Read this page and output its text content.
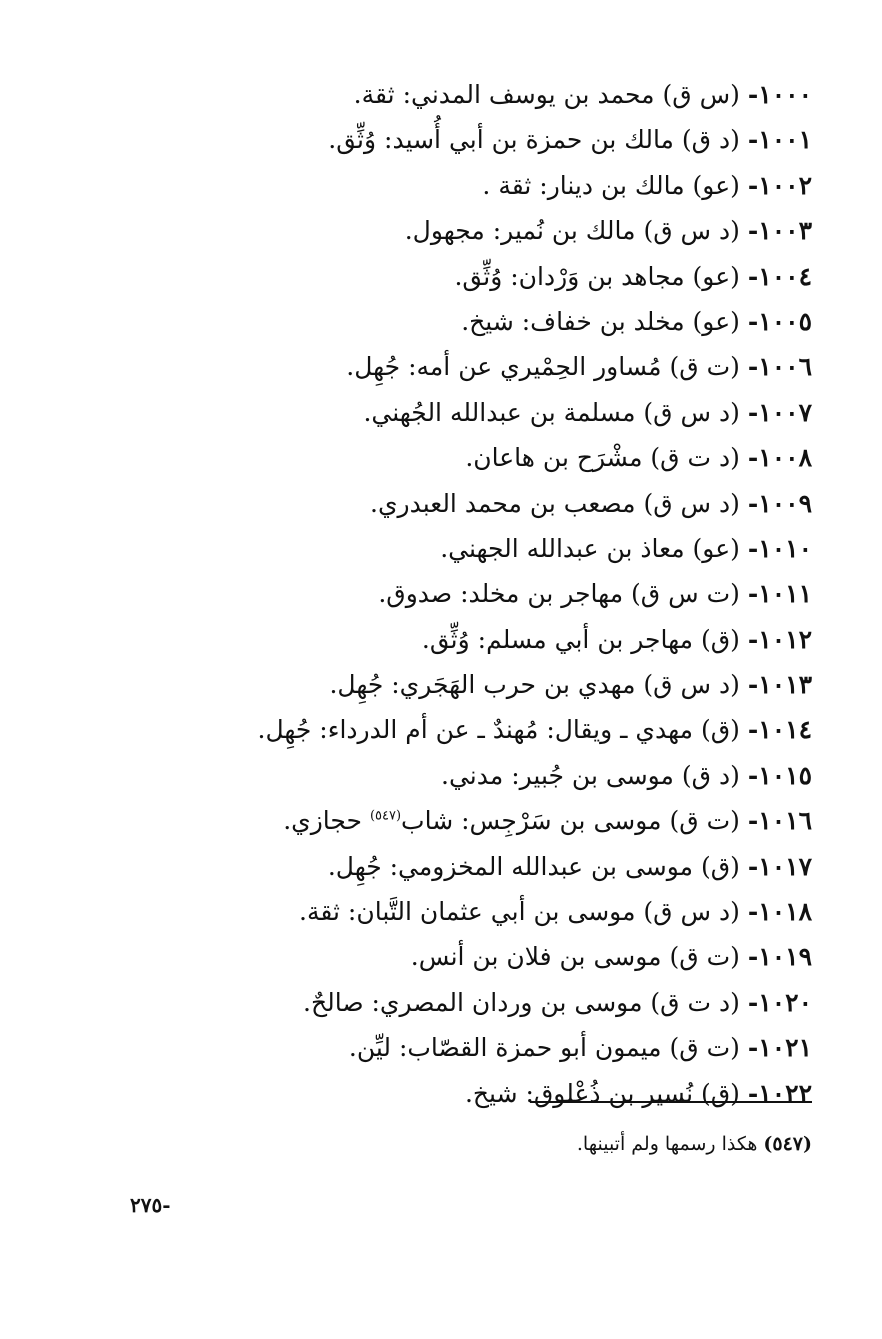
١٠٠٠-(س ق) محمد بن يوسف المدني: ثقة.
١٠٠١-(د ق) مالك بن حمزة بن أبي أُسيد: وُثِّق.
١٠٠٢-(عو) مالك بن دينار: ثقة .
١٠٠٣-(د س ق) مالك بن نُمير: مجهول.
١٠٠٤-(عو) مجاهد بن وَرْدان: وُثِّق.
١٠٠٥-(عو) مخلد بن خفاف: شيخ.
١٠٠٦-(ت ق) مُساور الحِمْيري عن أمه: جُهِل.
١٠٠٧-(د س ق) مسلمة بن عبدالله الجُهني.
١٠٠٨-(د ت ق) مشْرَح بن هاعان.
١٠٠٩-(د س ق) مصعب بن محمد العبدري.
١٠١٠-(عو) معاذ بن عبدالله الجهني.
١٠١١-(ت س ق) مهاجر بن مخلد: صدوق.
١٠١٢-(ق) مهاجر بن أبي مسلم: وُثِّق.
١٠١٣-(د س ق) مهدي بن حرب الهَجَري: جُهِل.
١٠١٤-(ق) مهدي ـ ويقال: مُهندٌ ـ عن أم الدرداء: جُهِل.
١٠١٥-(د ق) موسى بن جُبير: مدني.
١٠١٦-(ت ق) موسى بن سَرْجِس: شاب$^{(٥٤٧)}$ حجازي.
١٠١٧-(ق) موسى بن عبدالله المخزومي: جُهِل.
١٠١٨-(د س ق) موسى بن أبي عثمان التَّبان: ثقة.
١٠١٩-(ت ق) موسى بن فلان بن أنس.
١٠٢٠-(د ت ق) موسى بن وردان المصري: صالحٌ.
١٠٢١-(ت ق) ميمون أبو حمزة القصّاب: ليِّن.
١٠٢٢-(ق) نُسير بن ذُعْلوق: شيخ.
(٥٤٧)هكذا رسمها ولم أتبينها.
-٢٧٥
